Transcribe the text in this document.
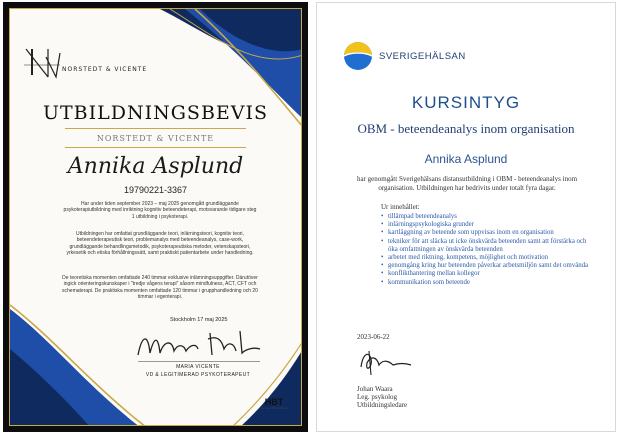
NORSTEDT & VICENTE
UTBILDNINGSBEVIS
NORSTEDT & VICENTE
Annika Asplund
19790221-3367
Har under tiden september 2023 – maj 2025 genomgått grundläggande psykoterapiutbildning med inriktning kognitiv beteendeterapi, motsvarande tidigare steg 1 utbildning i psykoterapi.
Utbildningen har omfattat grundläggande teori, inlärningsteori, kognitiv teori, beteendeterapeutisk teori, problemanalys med beteendeanalys, case-work, grundläggande behandlingsmetodik, psykoterapeutiska metoder, vetenskapsteori, yrkesetik och etiska förhållningssätt, samt praktiskt patientarbete under handledning.
De teoretiska momenten omfattade 240 timmar exklusive inlämningsuppgifter. Därutöver ingick orienteringskunskaper i "tredje vågens terapi" såsom mindfulness, ACT, CFT och schematerapi. De praktiska momenten omfattade 120 timmar i grupphandledning och 20 timmar i egenterapi.
Stockholm 17 maj 2025
MARIA VICENTE
VD & LEGITIMERAD PSYKOTERAPEUT
HBT
Lärosäte HBT-certifierat
SVERIGEHÄLSAN
KURSINTYG
OBM - beteendeanalys inom organisation
Annika Asplund
har genomgått Sverigehälsans distansutbildning i OBM - beteendeanalys inom organisation. Utbildningen har bedrivits under totalt fyra dagar.
Ur innehållet:
• tillämpad beteendeanalys
• inlärningspsykologiska grunder
• kartläggning av beteende som uppvisas inom en organisation
• tekniker för att släcka ut icke önskvärda beteenden samt att förstärka och öka omfattningen av önskvärda beteenden
• arbetet med riktning, kompetens, möjlighet och motivation
• genomgång kring hur beteenden påverkar arbetsmiljön samt det omvända
• konflikthantering mellan kollegor
• kommunikation som beteende
2023-06-22
Johan Waara
Leg. psykolog
Utbildningsledare
